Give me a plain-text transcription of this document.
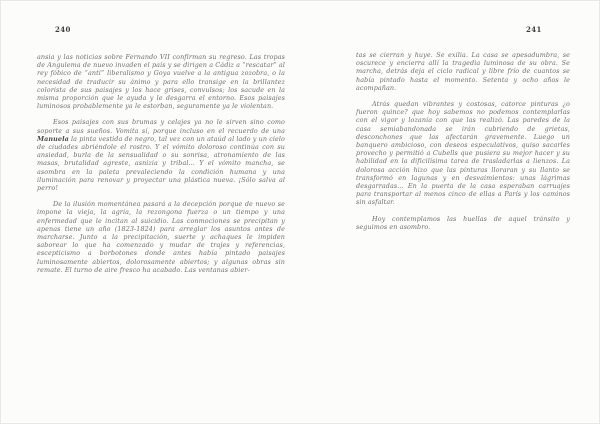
240

ansia y las noticias sobre Fernando VII confirman su regreso. Las tropas de Angulema de nuevo invaden el país y se dirigen a Cádiz a “rescatar” al rey fóbico de “anti” liberalismo y Goya vuelve a la antigua zozobra, o la necesidad de traducir su ánimo y para ello transige en la brillantez colorista de sus paisajes y los hace grises, convulsos; los sacude en la misma proporción que le ayuda y le desgarra el entorno. Esos paisajes luminosos probablemente ya le estorban, seguramente ya le violentan.

Esos paisajes con sus brumas y celajes ya no le sirven sino como soporte a sus sueños. Vomita sí, porque incluso en el recuerdo de una Manuela la pinta vestida de negro, tal vez con un ataúd al lado y un cielo de ciudades abriéndole el rostro. Y el vómito doloroso continúa con su ansiedad, burla de la sensualidad o su sonrisa, atronamiento de las masas, brutalidad agreste, asnizia y tribal... Y el vómito mancha, se asombra en la paleta prevaleciendo la condición humana y una iluminación para renovar y proyectar una plástica nueva. ¡Sólo salva al perro!

De la ilusión momentánea pasará a la decepción porque de nuevo se impone la vieja, la agria, la rezongona fuerza o un tiempo y una enfermedad que le incitan al suicidio. Las conmociones se precipitan y apenas tiene un año (1823-1824) para arreglar los asuntos antes de marcharse. Junto a la precipitación, suerte y achaques le impiden saborear lo que ha comenzado y mudar de trajes y referencias, escepticismo a borbotones donde antes había pintado paisajes luminosamente abiertos, dolorosamente abiertos; y algunas obras sin remate. El turno de aire fresco ha acabado. Las ventanas abier-

241

tas se cierran y huye. Se exilia. La casa se apesadumbra, se oscurece y encierra allí la tragedia luminosa de su obra. Se marcha, detrás deja el ciclo radical y libre frío de cuantos se había pintado hasta el momento. Setenta y ocho años le acompañan.

Atrás quedan vibrantes y costosas, catorce pinturas ¿o fueron quince? que hoy sabemos no podemos contemplarlas con el vigor y lozanía con que las realizó. Las paredes de la casa semiabandonada se irán cubriendo de grietas, desconchones que las afectarán gravemente. Luego un banquero ambicioso, con deseos especulativos, quiso sacarles provecho y permitió a Cubells que pusiera su mejor hacer y su habilidad en la dificilísima tarea de trasladarlas a lienzos. La dolorosa acción hizo que las pinturas lloraran y su llanto se transformó en lagunas y en desvaimientos: unas lágrimas desgarradas... En la puerta de la casa esperaban carruajes para transportar al menos cinco de ellas a París y los caminos sin asfaltar.

Hoy contemplamos las huellas de aquel tránsito y seguimos en asombro.
